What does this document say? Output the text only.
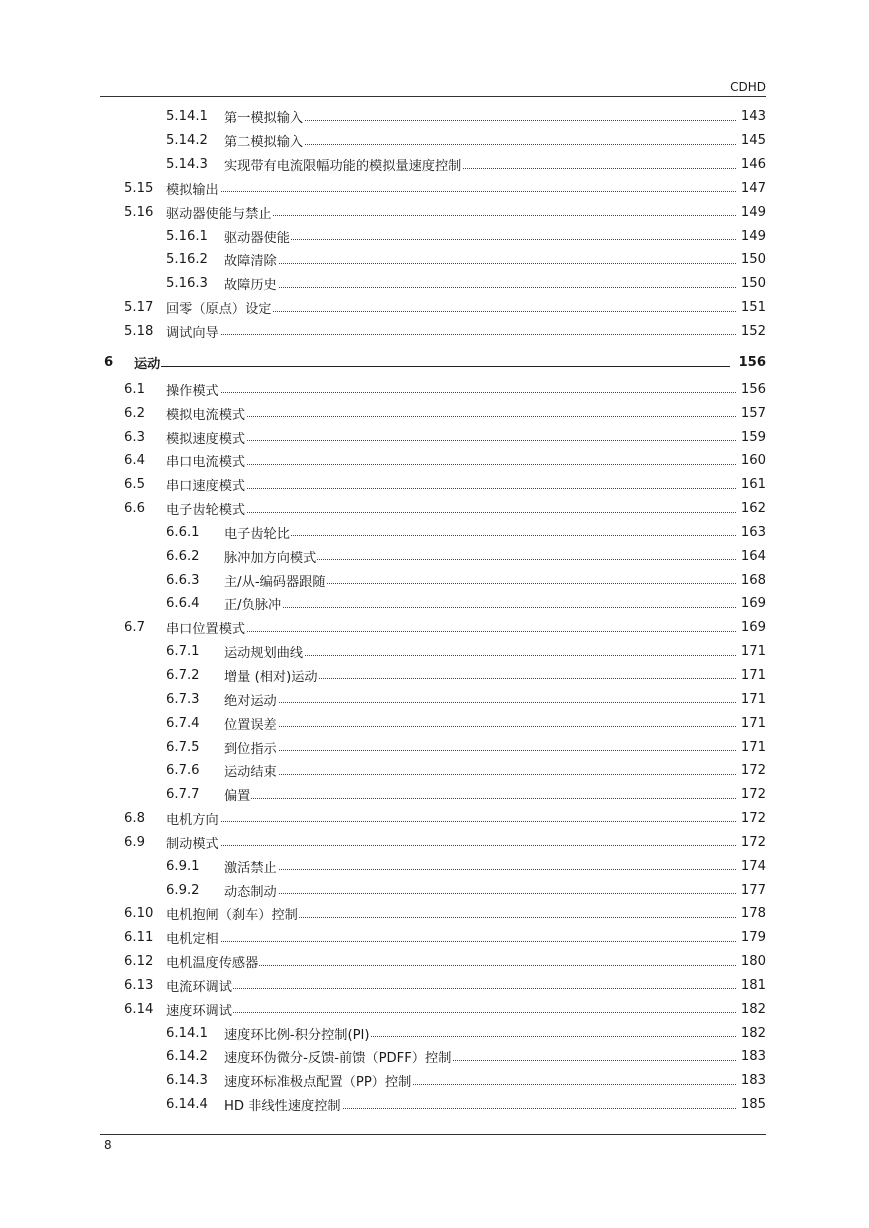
CDHD
5.14.1 第一模拟输入	143
5.14.2 第二模拟输入	145
5.14.3 实现带有电流限幅功能的模拟量速度控制	146
5.15 模拟输出	147
5.16 驱动器使能与禁止	149
5.16.1 驱动器使能	149
5.16.2 故障清除	150
5.16.3 故障历史	150
5.17 回零（原点）设定	151
5.18 调试向导	152
6 运动	156
6.1 操作模式	156
6.2 模拟电流模式	157
6.3 模拟速度模式	159
6.4 串口电流模式	160
6.5 串口速度模式	161
6.6 电子齿轮模式	162
6.6.1 电子齿轮比	163
6.6.2 脉冲加方向模式	164
6.6.3 主/从-编码器跟随	168
6.6.4 正/负脉冲	169
6.7 串口位置模式	169
6.7.1 运动规划曲线	171
6.7.2 增量 (相对)运动	171
6.7.3 绝对运动	171
6.7.4 位置误差	171
6.7.5 到位指示	171
6.7.6 运动结束	172
6.7.7 偏置	172
6.8 电机方向	172
6.9 制动模式	172
6.9.1 激活禁止	174
6.9.2 动态制动	177
6.10 电机抱闸（刹车）控制	178
6.11 电机定相	179
6.12 电机温度传感器	180
6.13 电流环调试	181
6.14 速度环调试	182
6.14.1 速度环比例-积分控制(PI)	182
6.14.2 速度环伪微分-反馈-前馈（PDFF）控制	183
6.14.3 速度环标准极点配置（PP）控制	183
6.14.4 HD 非线性速度控制	185
8
